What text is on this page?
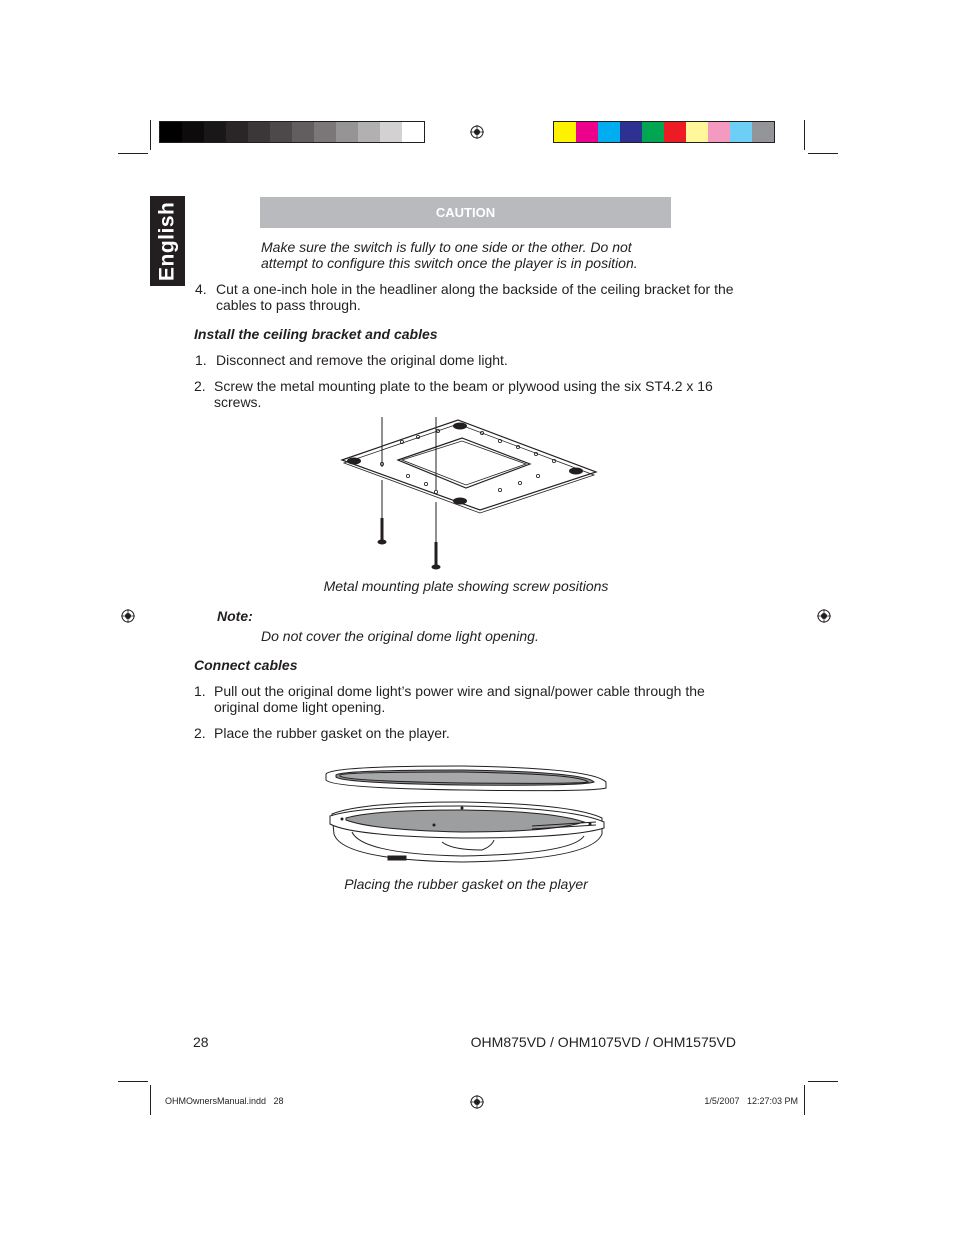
English	CAUTION
Make sure the switch is fully to one side or the other. Do not
attempt to configure this switch once the player is in position.
4. Cut a one-inch hole in the headliner along the backside of the ceiling bracket for the
cables to pass through.
Install the ceiling bracket and cables
1. Disconnect and remove the original dome light.
2. Screw the metal mounting plate to the beam or plywood using the six ST4.2 x 16
screws.
Metal mounting plate showing screw positions
Note:
Do not cover the original dome light opening.
Connect cables
1. Pull out the original dome light’s power wire and signal/power cable through the
original dome light opening.
2. Place the rubber gasket on the player.
Placing the rubber gasket on the player
28	OHM875VD / OHM1075VD / OHM1575VD
OHMOwnersManual.indd   28	1/5/2007   12:27:03 PM
